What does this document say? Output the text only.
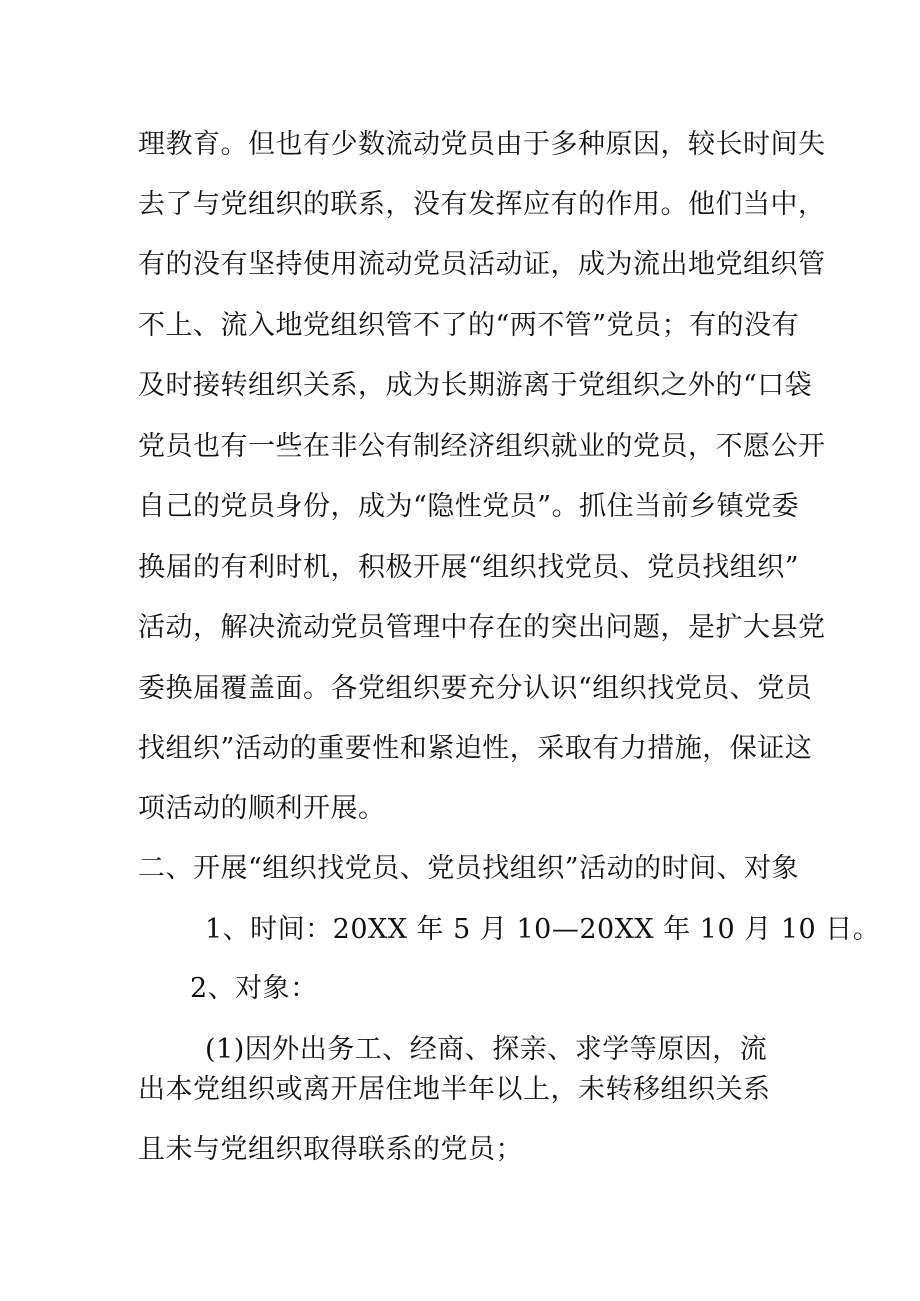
理教育。但也有少数流动党员由于多种原因，较长时间失
去了与党组织的联系，没有发挥应有的作用。他们当中，
有的没有坚持使用流动党员活动证，成为流出地党组织管
不上、流入地党组织管不了的“两不管”党员；有的没有
及时接转组织关系，成为长期游离于党组织之外的“口袋
党员也有一些在非公有制经济组织就业的党员，不愿公开
自己的党员身份，成为“隐性党员”。抓住当前乡镇党委
换届的有利时机，积极开展“组织找党员、党员找组织”
活动，解决流动党员管理中存在的突出问题，是扩大县党
委换届覆盖面。各党组织要充分认识“组织找党员、党员
找组织”活动的重要性和紧迫性，采取有力措施，保证这
项活动的顺利开展。
二、开展“组织找党员、党员找组织”活动的时间、对象
1、时间：20XX 年 5 月 10—20XX 年 10 月 10 日。
2、对象：
(1)因外出务工、经商、探亲、求学等原因，流
出本党组织或离开居住地半年以上，未转移组织关系
且未与党组织取得联系的党员；
